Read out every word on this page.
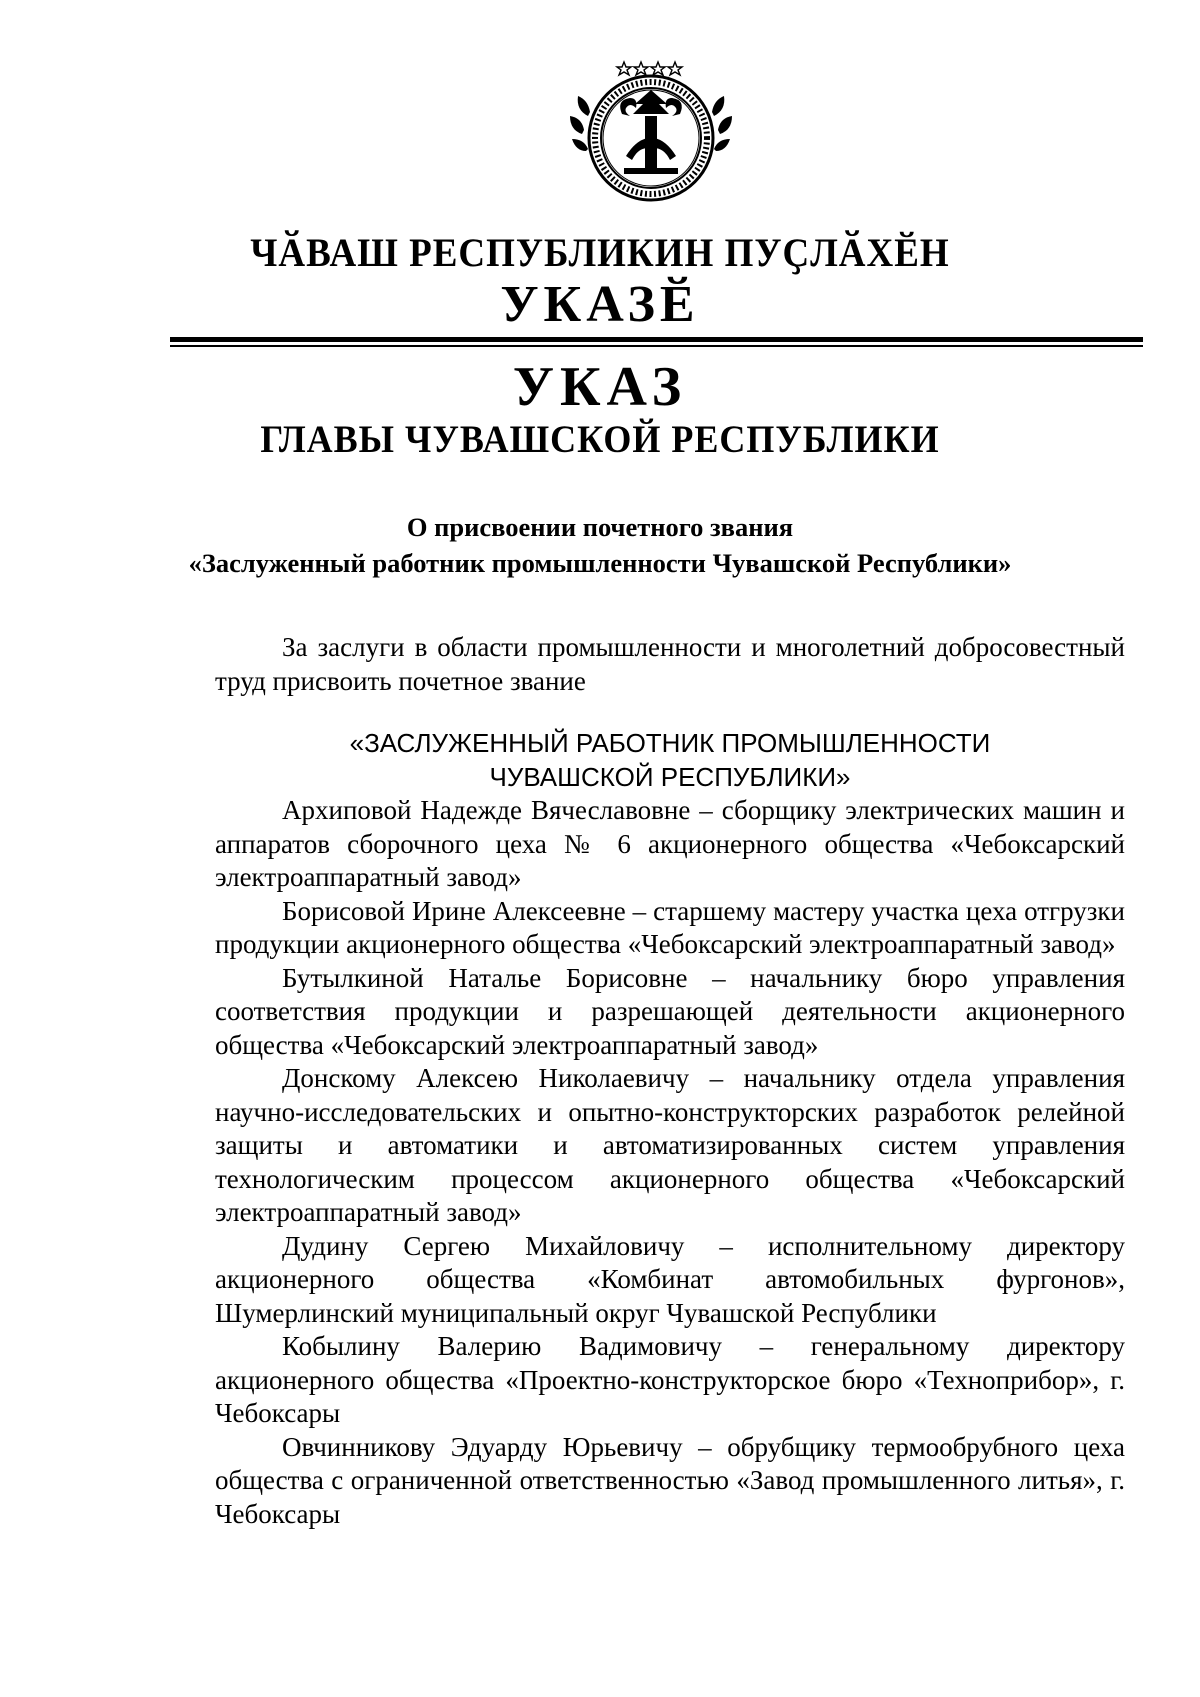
ЧӐВАШ РЕСПУБЛИКИН ПУҪЛӐХӖН
УКАЗӖ
УКАЗ
ГЛАВЫ ЧУВАШСКОЙ РЕСПУБЛИКИ
О присвоении почетного звания
«Заслуженный работник промышленности Чувашской Республики»
За заслуги в области промышленности и многолетний добросовестный труд присвоить почетное звание
«ЗАСЛУЖЕННЫЙ РАБОТНИК ПРОМЫШЛЕННОСТИ
ЧУВАШСКОЙ РЕСПУБЛИКИ»

Архиповой Надежде Вячеславовне – сборщику электрических машин и аппаратов сборочного цеха № 6 акционерного общества «Чебоксарский электроаппаратный завод»

Борисовой Ирине Алексеевне – старшему мастеру участка цеха отгрузки продукции акционерного общества «Чебоксарский электроаппаратный завод»

Бутылкиной Наталье Борисовне – начальнику бюро управления соответствия продукции и разрешающей деятельности акционерного общества «Чебоксарский электроаппаратный завод»

Донскому Алексею Николаевичу – начальнику отдела управления научно-исследовательских и опытно-конструкторских разработок релейной защиты и автоматики и автоматизированных систем управления технологическим процессом акционерного общества «Чебоксарский электроаппаратный завод»

Дудину Сергею Михайловичу – исполнительному директору акционерного общества «Комбинат автомобильных фургонов», Шумерлинский муниципальный округ Чувашской Республики

Кобылину Валерию Вадимовичу – генеральному директору акционерного общества «Проектно-конструкторское бюро «Техноприбор», г. Чебоксары

Овчинникову Эдуарду Юрьевичу – обрубщику термообрубного цеха общества с ограниченной ответственностью «Завод промышленного литья», г. Чебоксары
